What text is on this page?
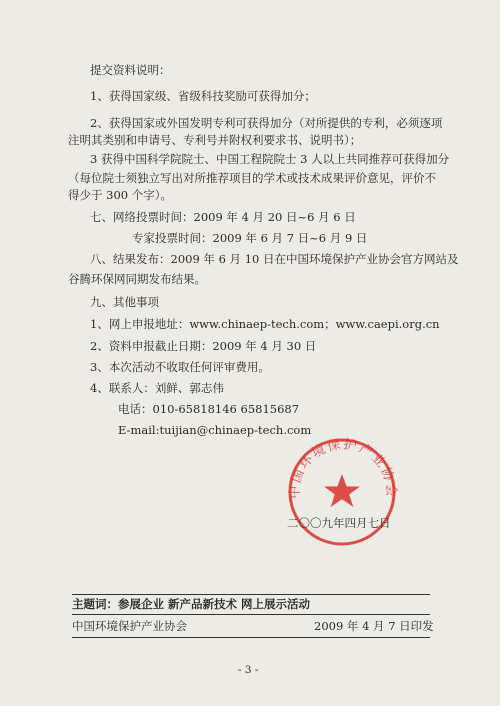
提交资料说明：
1、获得国家级、省级科技奖励可获得加分；
2、获得国家或外国发明专利可获得加分（对所提供的专利，必须逐项
注明其类别和申请号、专利号并附权利要求书、说明书）；
3 获得中国科学院院士、中国工程院院士 3 人以上共同推荐可获得加分
（每位院士须独立写出对所推荐项目的学术或技术成果评价意见，评价不
得少于 300 个字）。
七、网络投票时间：2009 年 4 月 20 日~6 月 6 日
专家投票时间：2009 年 6 月 7 日~6 月 9 日
八、结果发布：2009 年 6 月 10 日在中国环境保护产业协会官方网站及
谷腾环保网同期发布结果。
九、其他事项
1、网上申报地址：www.chinaep-tech.com；www.caepi.org.cn
2、资料申报截止日期：2009 年 4 月 30 日
3、本次活动不收取任何评审费用。
4、联系人：刘鲜、郭志伟
电话：010-65818146 65815687
E-mail:tuijian@chinaep-tech.com
中国环境保护产业协会
二〇〇九年四月七日
主题词：参展企业 新产品新技术 网上展示活动
中国环境保护产业协会	2009 年 4 月 7 日印发
- 3 -
